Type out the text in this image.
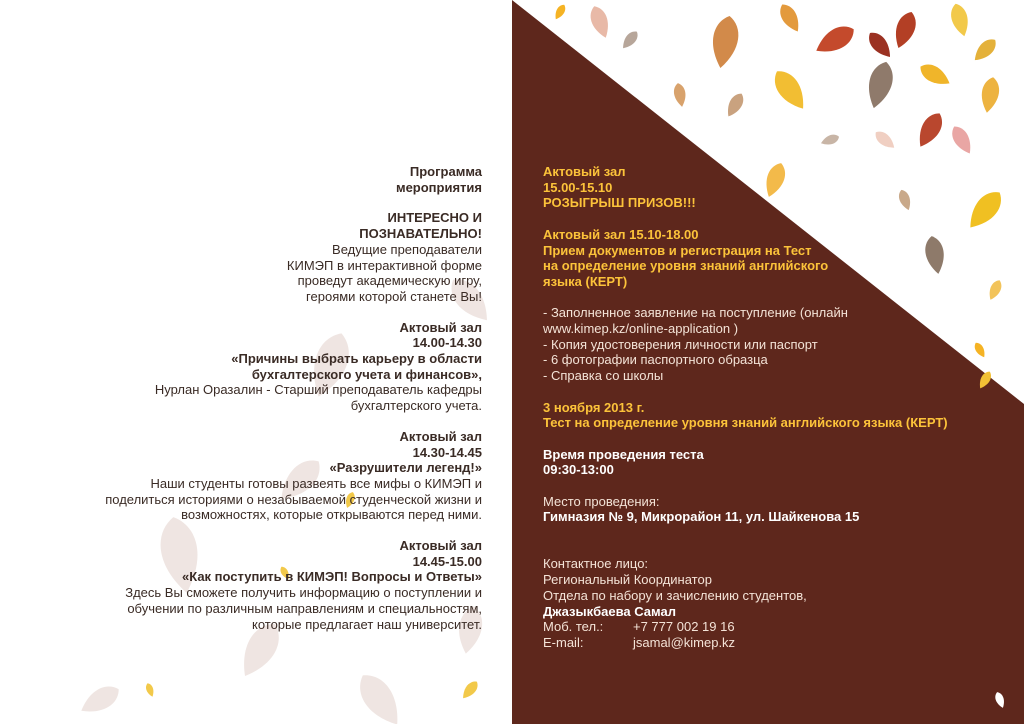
Программа
мероприятия
ИНТЕРЕСНО И
ПОЗНАВАТЕЛЬНО!
Ведущие преподаватели
КИМЭП в интерактивной форме
проведут академическую игру,
героями которой станете Вы!
Актовый зал
14.00-14.30
«Причины выбрать карьеру в области
бухгалтерского учета и финансов»,
Нурлан Оразалин - Старший преподаватель кафедры
бухгалтерского учета.
Актовый зал
14.30-14.45
«Разрушители легенд!»
Наши студенты готовы развеять все мифы о КИМЭП и
поделиться историями о незабываемой студенческой жизни и
возможностях, которые открываются перед ними.
Актовый зал
14.45-15.00
«Как поступить в КИМЭП! Вопросы и Ответы»
Здесь Вы сможете получить информацию о поступлении и
обучении по различным направлениям и специальностям,
которые предлагает наш университет.
Актовый зал
15.00-15.10
РОЗЫГРЫШ ПРИЗОВ!!!
Актовый зал 15.10-18.00
Прием документов и регистрация на Тест
на определение уровня знаний английского
языка (КЕРТ)
- Заполненное заявление на поступление (онлайн
www.kimep.kz/online-application )
- Копия удостоверения личности или паспорт
- 6 фотографии паспортного образца
- Справка со школы
3 ноября 2013 г.
Тест на определение уровня знаний английского языка (КЕРТ)
Время проведения теста
09:30-13:00
Место проведения:
Гимназия № 9, Микрорайон 11, ул. Шайкенова 15
Контактное лицо:
Региональный Координатор
Отдела по набору и зачислению студентов,
Джазыкбаева Самал
Моб. тел.:	+7 777 002 19 16
E-mail:	jsamal@kimep.kz
